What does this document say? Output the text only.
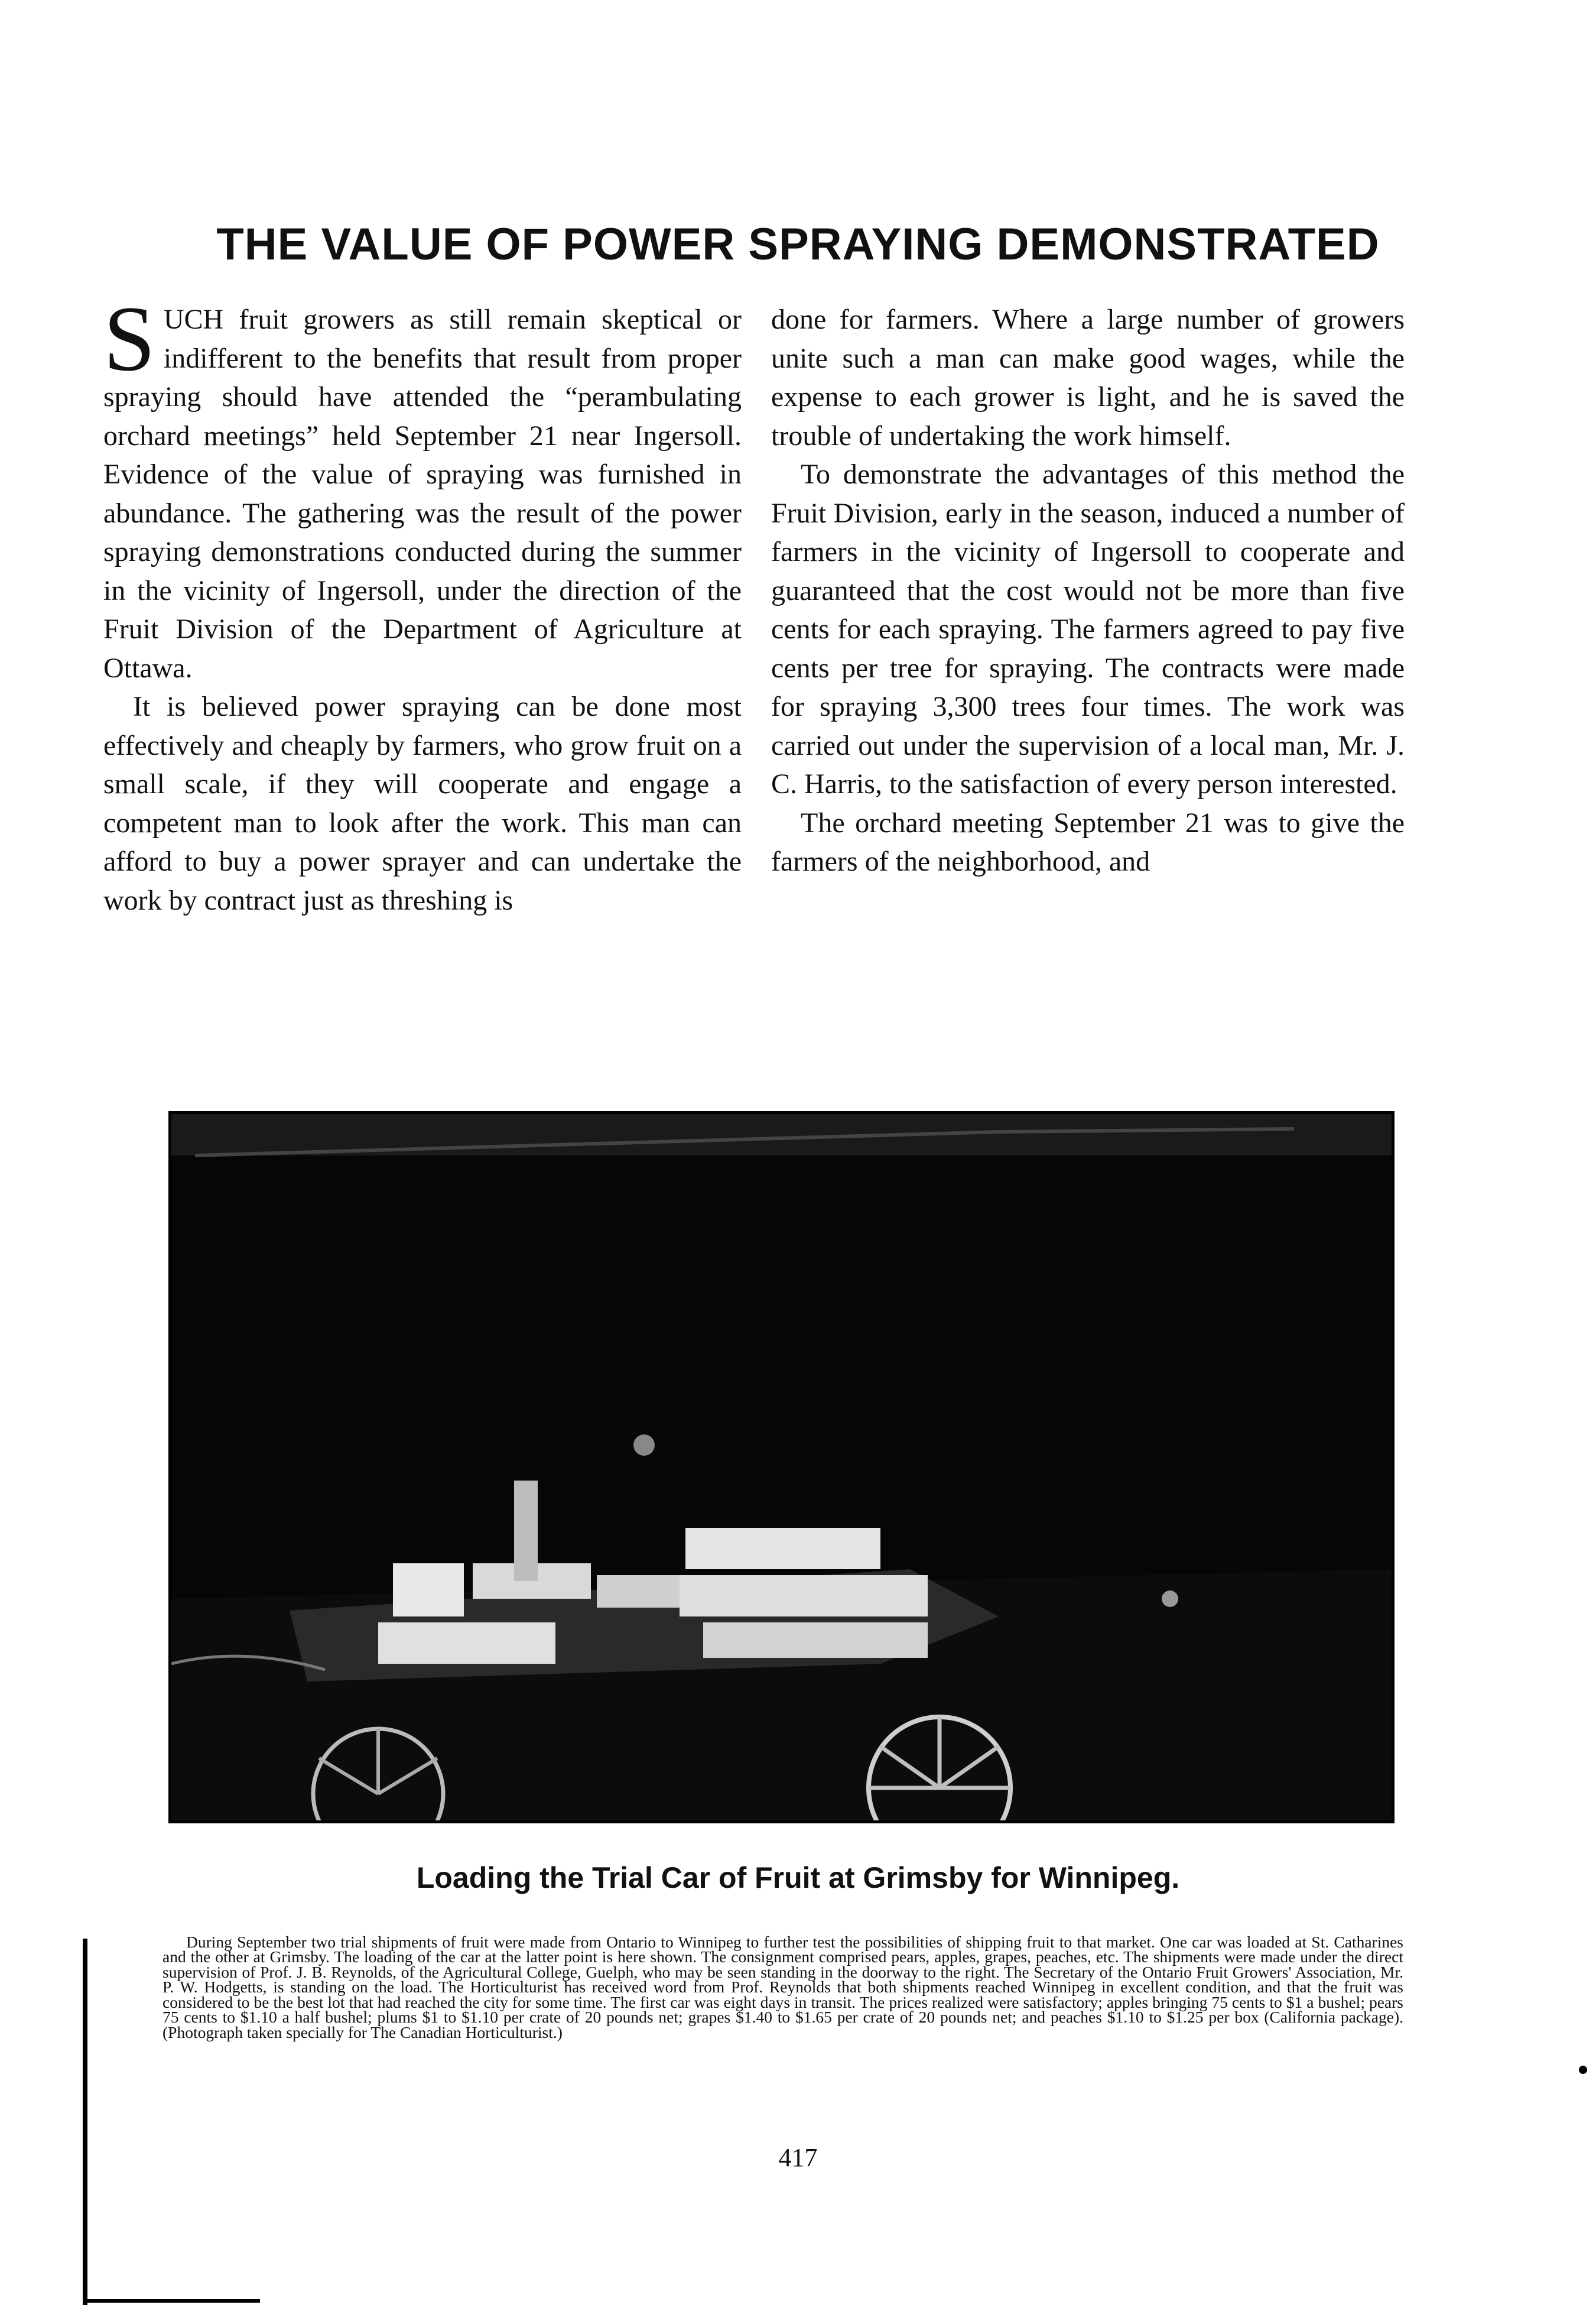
THE VALUE OF POWER SPRAYING DEMONSTRATED

SUCH fruit growers as still remain skeptical or indifferent to the benefits that result from proper spraying should have attended the “perambulating orchard meetings” held September 21 near Ingersoll. Evidence of the value of spraying was furnished in abundance. The gathering was the result of the power spraying demonstrations conducted during the summer in the vicinity of Ingersoll, under the direction of the Fruit Division of the Department of Agriculture at Ottawa.

It is believed power spraying can be done most effectively and cheaply by farmers, who grow fruit on a small scale, if they will cooperate and engage a competent man to look after the work. This man can afford to buy a power sprayer and can undertake the work by contract just as threshing is

done for farmers. Where a large number of growers unite such a man can make good wages, while the expense to each grower is light, and he is saved the trouble of undertaking the work himself.

To demonstrate the advantages of this method the Fruit Division, early in the season, induced a number of farmers in the vicinity of Ingersoll to cooperate and guaranteed that the cost would not be more than five cents for each spraying. The farmers agreed to pay five cents per tree for spraying. The contracts were made for spraying 3,300 trees four times. The work was carried out under the supervision of a local man, Mr. J. C. Harris, to the satisfaction of every person interested.

The orchard meeting September 21 was to give the farmers of the neighborhood, and

Loading the Trial Car of Fruit at Grimsby for Winnipeg.

During September two trial shipments of fruit were made from Ontario to Winnipeg to further test the possibilities of shipping fruit to that market. One car was loaded at St. Catharines and the other at Grimsby. The loading of the car at the latter point is here shown. The consignment comprised pears, apples, grapes, peaches, etc. The shipments were made under the direct supervision of Prof. J. B. Reynolds, of the Agricultural College, Guelph, who may be seen standing in the doorway to the right. The Secretary of the Ontario Fruit Growers' Association, Mr. P. W. Hodgetts, is standing on the load. The Horticulturist has received word from Prof. Reynolds that both shipments reached Winnipeg in excellent condition, and that the fruit was considered to be the best lot that had reached the city for some time. The first car was eight days in transit. The prices realized were satisfactory; apples bringing 75 cents to $1 a bushel; pears 75 cents to $1.10 a half bushel; plums $1 to $1.10 per crate of 20 pounds net; grapes $1.40 to $1.65 per crate of 20 pounds net; and peaches $1.10 to $1.25 per box (California package). (Photograph taken specially for The Canadian Horticulturist.)

417
